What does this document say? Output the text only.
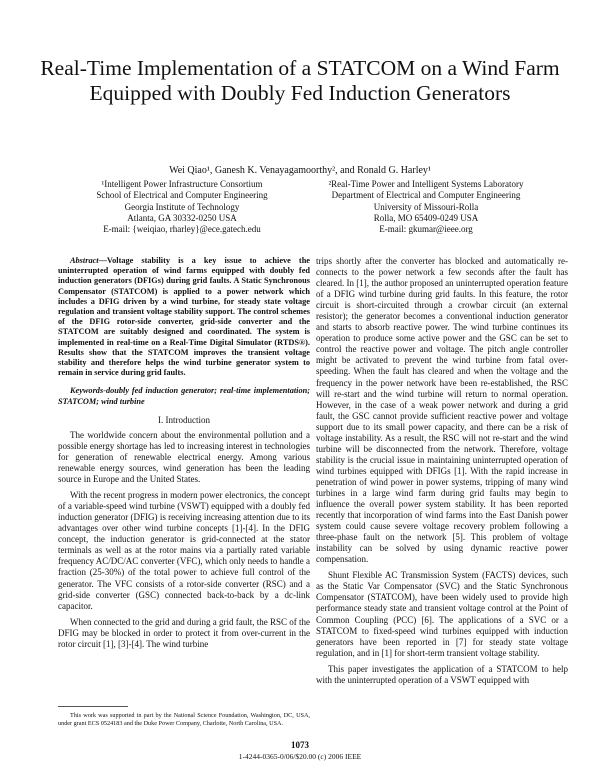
Real-Time Implementation of a STATCOM on a Wind Farm Equipped with Doubly Fed Induction Generators
Wei Qiao¹, Ganesh K. Venayagamoorthy², and Ronald G. Harley¹
¹Intelligent Power Infrastructure Consortium
School of Electrical and Computer Engineering
Georgia Institute of Technology
Atlanta, GA 30332-0250 USA
E-mail: {weiqiao, rharley}@ece.gatech.edu
²Real-Time Power and Intelligent Systems Laboratory
Department of Electrical and Computer Engineering
University of Missouri-Rolla
Rolla, MO 65409-0249 USA
E-mail: gkumar@ieee.org

Abstract—Voltage stability is a key issue to achieve the uninterrupted operation of wind farms equipped with doubly fed induction generators (DFIGs) during grid faults. A Static Synchronous Compensator (STATCOM) is applied to a power network which includes a DFIG driven by a wind turbine, for steady state voltage regulation and transient voltage stability support. The control schemes of the DFIG rotor-side converter, grid-side converter and the STATCOM are suitably designed and coordinated. The system is implemented in real-time on a Real-Time Digital Simulator (RTDS®). Results show that the STATCOM improves the transient voltage stability and therefore helps the wind turbine generator system to remain in service during grid faults.

Keywords-doubly fed induction generator; real-time implementation; STATCOM; wind turbine

I. Introduction

The worldwide concern about the environmental pollution and a possible energy shortage has led to increasing interest in technologies for generation of renewable electrical energy. Among various renewable energy sources, wind generation has been the leading source in Europe and the United States.

With the recent progress in modern power electronics, the concept of a variable-speed wind turbine (VSWT) equipped with a doubly fed induction generator (DFIG) is receiving increasing attention due to its advantages over other wind turbine concepts [1]-[4]. In the DFIG concept, the induction generator is grid-connected at the stator terminals as well as at the rotor mains via a partially rated variable frequency AC/DC/AC converter (VFC), which only needs to handle a fraction (25-30%) of the total power to achieve full control of the generator. The VFC consists of a rotor-side converter (RSC) and a grid-side converter (GSC) connected back-to-back by a dc-link capacitor.

When connected to the grid and during a grid fault, the RSC of the DFIG may be blocked in order to protect it from over-current in the rotor circuit [1], [3]-[4]. The wind turbine

trips shortly after the converter has blocked and automatically re-connects to the power network a few seconds after the fault has cleared. In [1], the author proposed an uninterrupted operation feature of a DFIG wind turbine during grid faults. In this feature, the rotor circuit is short-circuited through a crowbar circuit (an external resistor); the generator becomes a conventional induction generator and starts to absorb reactive power. The wind turbine continues its operation to produce some active power and the GSC can be set to control the reactive power and voltage. The pitch angle controller might be activated to prevent the wind turbine from fatal over-speeding. When the fault has cleared and when the voltage and the frequency in the power network have been re-established, the RSC will re-start and the wind turbine will return to normal operation. However, in the case of a weak power network and during a grid fault, the GSC cannot provide sufficient reactive power and voltage support due to its small power capacity, and there can be a risk of voltage instability. As a result, the RSC will not re-start and the wind turbine will be disconnected from the network. Therefore, voltage stability is the crucial issue in maintaining uninterrupted operation of wind turbines equipped with DFIGs [1]. With the rapid increase in penetration of wind power in power systems, tripping of many wind turbines in a large wind farm during grid faults may begin to influence the overall power system stability. It has been reported recently that incorporation of wind farms into the East Danish power system could cause severe voltage recovery problem following a three-phase fault on the network [5]. This problem of voltage instability can be solved by using dynamic reactive power compensation.

Shunt Flexible AC Transmission System (FACTS) devices, such as the Static Var Compensator (SVC) and the Static Synchronous Compensator (STATCOM), have been widely used to provide high performance steady state and transient voltage control at the Point of Common Coupling (PCC) [6]. The applications of a SVC or a STATCOM to fixed-speed wind turbines equipped with induction generators have been reported in [7] for steady state voltage regulation, and in [1] for short-term transient voltage stability.

This paper investigates the application of a STATCOM to help with the uninterrupted operation of a VSWT equipped with

This work was supported in part by the National Science Foundation, Washington, DC, USA, under grant ECS 0524183 and the Duke Power Company, Charlotte, North Carolina, USA.
1073
1-4244-0365-0/06/$20.00 (c) 2006 IEEE
